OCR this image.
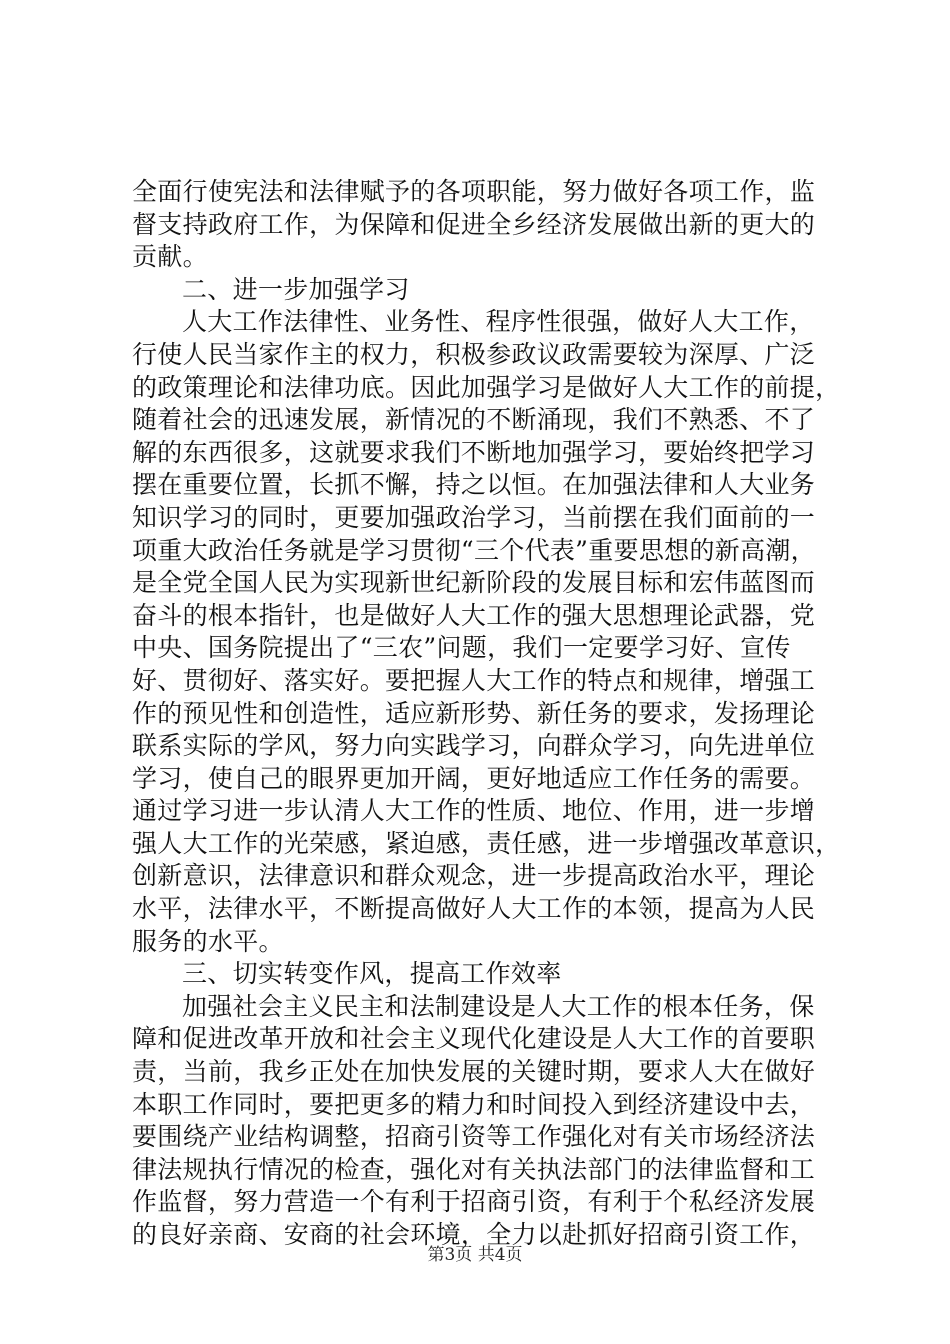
全面行使宪法和法律赋予的各项职能，努力做好各项工作，监
督支持政府工作，为保障和促进全乡经济发展做出新的更大的
贡献。
二、进一步加强学习
人大工作法律性、业务性、程序性很强，做好人大工作，
行使人民当家作主的权力，积极参政议政需要较为深厚、广泛
的政策理论和法律功底。因此加强学习是做好人大工作的前提，
随着社会的迅速发展，新情况的不断涌现，我们不熟悉、不了
解的东西很多，这就要求我们不断地加强学习，要始终把学习
摆在重要位置，长抓不懈，持之以恒。在加强法律和人大业务
知识学习的同时，更要加强政治学习，当前摆在我们面前的一
项重大政治任务就是学习贯彻“三个代表”重要思想的新高潮，
是全党全国人民为实现新世纪新阶段的发展目标和宏伟蓝图而
奋斗的根本指针，也是做好人大工作的强大思想理论武器，党
中央、国务院提出了“三农”问题，我们一定要学习好、宣传
好、贯彻好、落实好。要把握人大工作的特点和规律，增强工
作的预见性和创造性，适应新形势、新任务的要求，发扬理论
联系实际的学风，努力向实践学习，向群众学习，向先进单位
学习，使自己的眼界更加开阔，更好地适应工作任务的需要。
通过学习进一步认清人大工作的性质、地位、作用，进一步增
强人大工作的光荣感，紧迫感，责任感，进一步增强改革意识，
创新意识，法律意识和群众观念，进一步提高政治水平，理论
水平，法律水平，不断提高做好人大工作的本领，提高为人民
服务的水平。
三、切实转变作风，提高工作效率
加强社会主义民主和法制建设是人大工作的根本任务，保
障和促进改革开放和社会主义现代化建设是人大工作的首要职
责，当前，我乡正处在加快发展的关键时期，要求人大在做好
本职工作同时，要把更多的精力和时间投入到经济建设中去，
要围绕产业结构调整，招商引资等工作强化对有关市场经济法
律法规执行情况的检查，强化对有关执法部门的法律监督和工
作监督，努力营造一个有利于招商引资，有利于个私经济发展
的良好亲商、安商的社会环境，全力以赴抓好招商引资工作，
第3页 共4页
